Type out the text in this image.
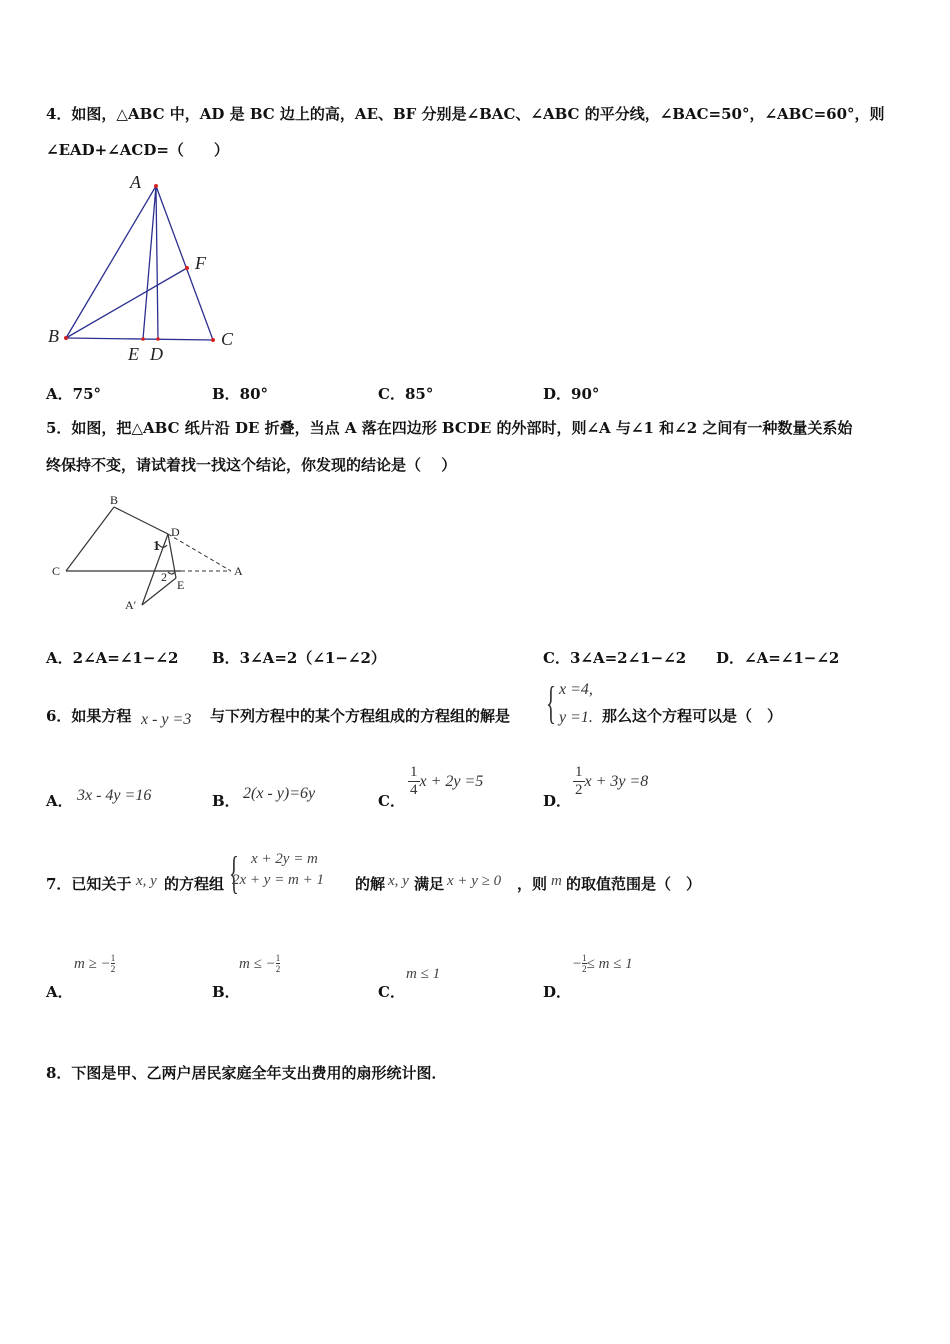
4．如图，△ABC 中，AD 是 BC 边上的高，AE、BF 分别是∠BAC、∠ABC 的平分线，∠BAC=50°，∠ABC=60°，则
∠EAD+∠ACD=（　　）
A
B	C
F
E D
A．75°	B．80°	C．85°	D．90°
5．如图，把△ABC 纸片沿 DE 折叠，当点 A 落在四边形 BCDE 的外部时，则∠A 与∠1 和∠2 之间有一种数量关系始
终保持不变，请试着找一找这个结论，你发现的结论是（　 ）
B
C
D
A
E
A′
1
2
A．2∠A=∠1−∠2 B．3∠A=2（∠1−∠2）	C．3∠A=2∠1−∠2 D．∠A=∠1−∠2
6．如果方程 x - y =3 与下列方程中的某个方程组成的方程组的解是 { x =4,
y =1. 那么这个方程可以是（　）
A． 3x - 4y =16	B． 2(x - y)=6y	C．
$\frac{1}{4}$ x + 2y =5
D．
$\frac{1}{2}$ x + 3y =8
7．已知关于 x, y 的方程组 { x + 2y = m
2x + y = m + 1 的解 x, y 满足 x + y ≥ 0 ，则 m 的取值范围是（　）
m ≥ − $\frac{1}{2}$
A．
m ≤ − $\frac{1}{2}$
B．	C．
m ≤ 1
− $\frac{1}{2}\le m \le 1$
D．
8．下图是甲、乙两户居民家庭全年支出费用的扇形统计图．
